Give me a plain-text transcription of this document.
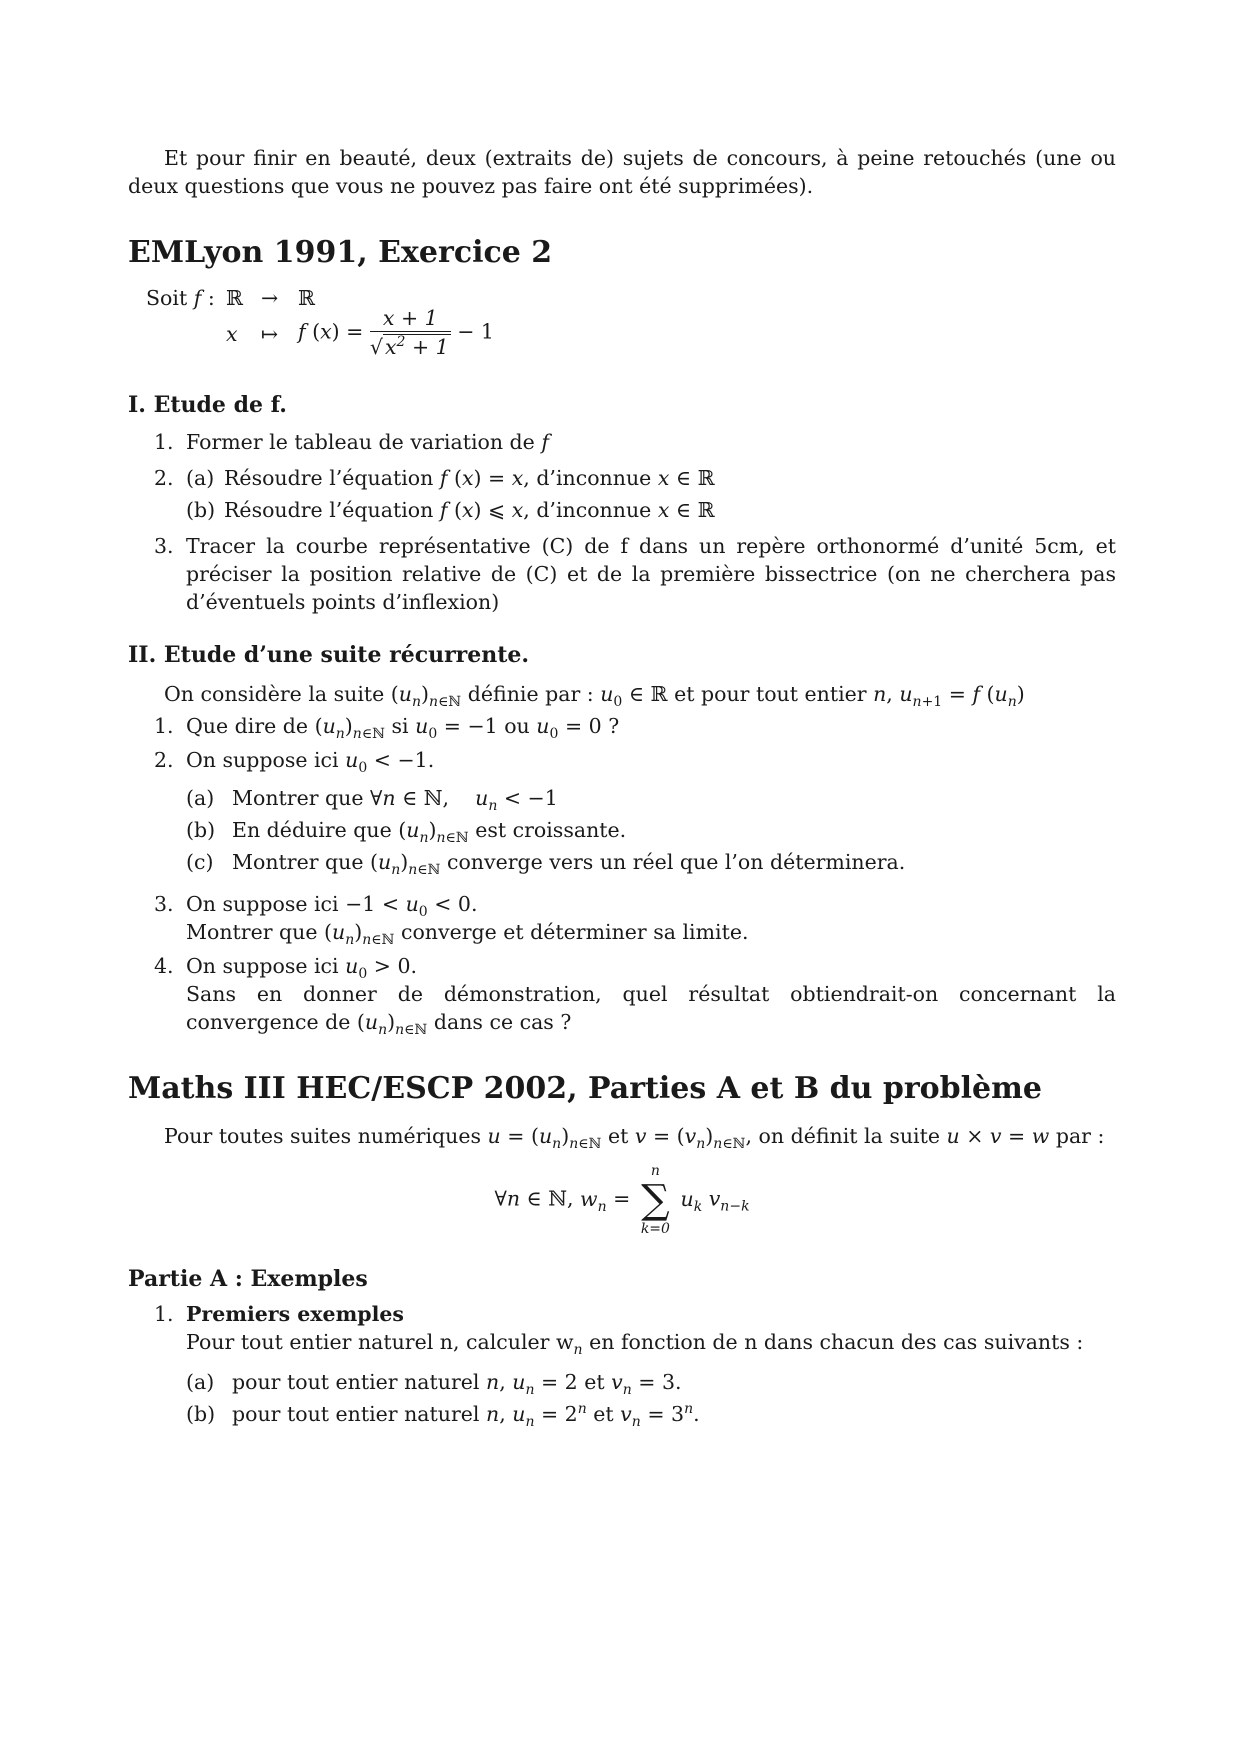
Et pour finir en beauté, deux (extraits de) sujets de concours, à peine retouchés (une ou deux questions que vous ne pouvez pas faire ont été supprimées).

EMLyon 1991, Exercice 2
Soit f : ℝ → ℝ
x ↦ f $(x) = \frac{x + 1}{√x^2 + 1} - 1$
I. Etude de f.
1. Former le tableau de variation de f
2. (a) Résoudre l’équation f (x) = x, d’inconnue x ∈ ℝ
(b) Résoudre l’équation f (x) ⩽ x, d’inconnue x ∈ ℝ
3. Tracer la courbe représentative (C) de f dans un repère orthonormé d’unité 5cm, et préciser la position relative de (C) et de la première bissectrice (on ne cherchera pas d’éventuels points d’inflexion)
II. Etude d’une suite récurrente.

On considère la suite $(u_n)_{n\in ℕ}$ définie par : $u_0$ ∈ ℝ et pour tout entier n, $u_{n+1} = f$ $(u_n)$

1. Que dire de $(u_n)_{n\in ℕ}$ si $u_0 = -1$ ou $u_0 = 0$ ?
2. On suppose ici $u_0 < -1$.
(a) Montrer que ∀n ∈ ℕ,    $u_n < -1$
(b) En déduire que $(u_n)_{n\in ℕ}$ est croissante.
(c) Montrer que $(u_n)_{n\in ℕ}$ converge vers un réel que l’on déterminera.
3. On suppose ici $-1 < u_0 < 0$.
Montrer que $(u_n)_{n\in ℕ}$ converge et déterminer sa limite.
4. On suppose ici $u_0 > 0$.
Sans en donner de démonstration, quel résultat obtiendrait-on concernant la convergence de $(u_n)_{n\in ℕ}$ dans ce cas ?
Maths III HEC/ESCP 2002, Parties A et B du problème

Pour toutes suites numériques $u = (u_n)_{n\in ℕ}$ et $v = (v_n)_{n\in ℕ}$, on définit la suite u × v = w par :

∀n ∈ ℕ, $w_n$ =
n
∑
k=0
$u_k$ $v_{n-k}$
Partie A : Exemples
1. Premiers exemples
Pour tout entier naturel n, calculer $w_n$ en fonction de n dans chacun des cas suivants :
(a) pour tout entier naturel n, $u_n = 2$ et $v_n = 3$.
(b) pour tout entier naturel n, $u_n = 2^n$ et $v_n = 3^n$.
